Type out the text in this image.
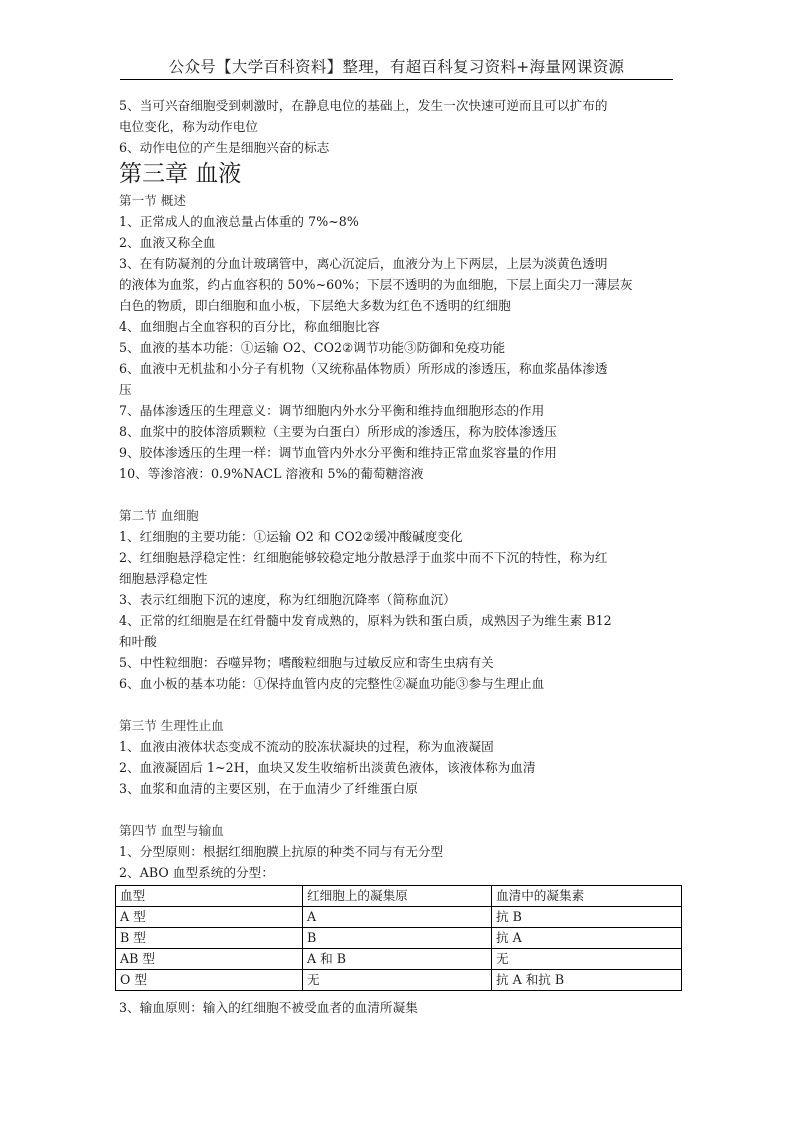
公众号【大学百科资料】整理，有超百科复习资料+海量网课资源
5、当可兴奋细胞受到刺激时，在静息电位的基础上，发生一次快速可逆而且可以扩布的
电位变化，称为动作电位
6、动作电位的产生是细胞兴奋的标志
第三章 血液
第一节 概述
1、正常成人的血液总量占体重的 7%~8%
2、血液又称全血
3、在有防凝剂的分血计玻璃管中，离心沉淀后，血液分为上下两层，上层为淡黄色透明
的液体为血浆，约占血容积的 50%~60%；下层不透明的为血细胞，下层上面尖刀一薄层灰
白色的物质，即白细胞和血小板，下层绝大多数为红色不透明的红细胞
4、血细胞占全血容积的百分比，称血细胞比容
5、血液的基本功能：①运输 O2、CO2②调节功能③防御和免疫功能
6、血液中无机盐和小分子有机物（又统称晶体物质）所形成的渗透压，称血浆晶体渗透
压
7、晶体渗透压的生理意义：调节细胞内外水分平衡和维持血细胞形态的作用
8、血浆中的胶体溶质颗粒（主要为白蛋白）所形成的渗透压，称为胶体渗透压
9、胶体渗透压的生理一样：调节血管内外水分平衡和维持正常血浆容量的作用
10、等渗溶液：0.9%NACL 溶液和 5%的葡萄糖溶液
第二节 血细胞
1、红细胞的主要功能：①运输 O2 和 CO2②缓冲酸碱度变化
2、红细胞悬浮稳定性：红细胞能够较稳定地分散悬浮于血浆中而不下沉的特性，称为红
细胞悬浮稳定性
3、表示红细胞下沉的速度，称为红细胞沉降率（简称血沉）
4、正常的红细胞是在红骨髓中发育成熟的，原料为铁和蛋白质，成熟因子为维生素 B12
和叶酸
5、中性粒细胞：吞噬异物；嗜酸粒细胞与过敏反应和寄生虫病有关
6、血小板的基本功能：①保持血管内皮的完整性②凝血功能③参与生理止血
第三节 生理性止血
1、血液由液体状态变成不流动的胶冻状凝块的过程，称为血液凝固
2、血液凝固后 1~2H，血块又发生收缩析出淡黄色液体，该液体称为血清
3、血浆和血清的主要区别，在于血清少了纤维蛋白原
第四节 血型与输血
1、分型原则：根据红细胞膜上抗原的种类不同与有无分型
2、ABO 血型系统的分型：
血型	红细胞上的凝集原	血清中的凝集素
A 型	A	抗 B
B 型	B	抗 A
AB 型	A 和 B	无
O 型	无	抗 A 和抗 B
3、输血原则：输入的红细胞不被受血者的血清所凝集
